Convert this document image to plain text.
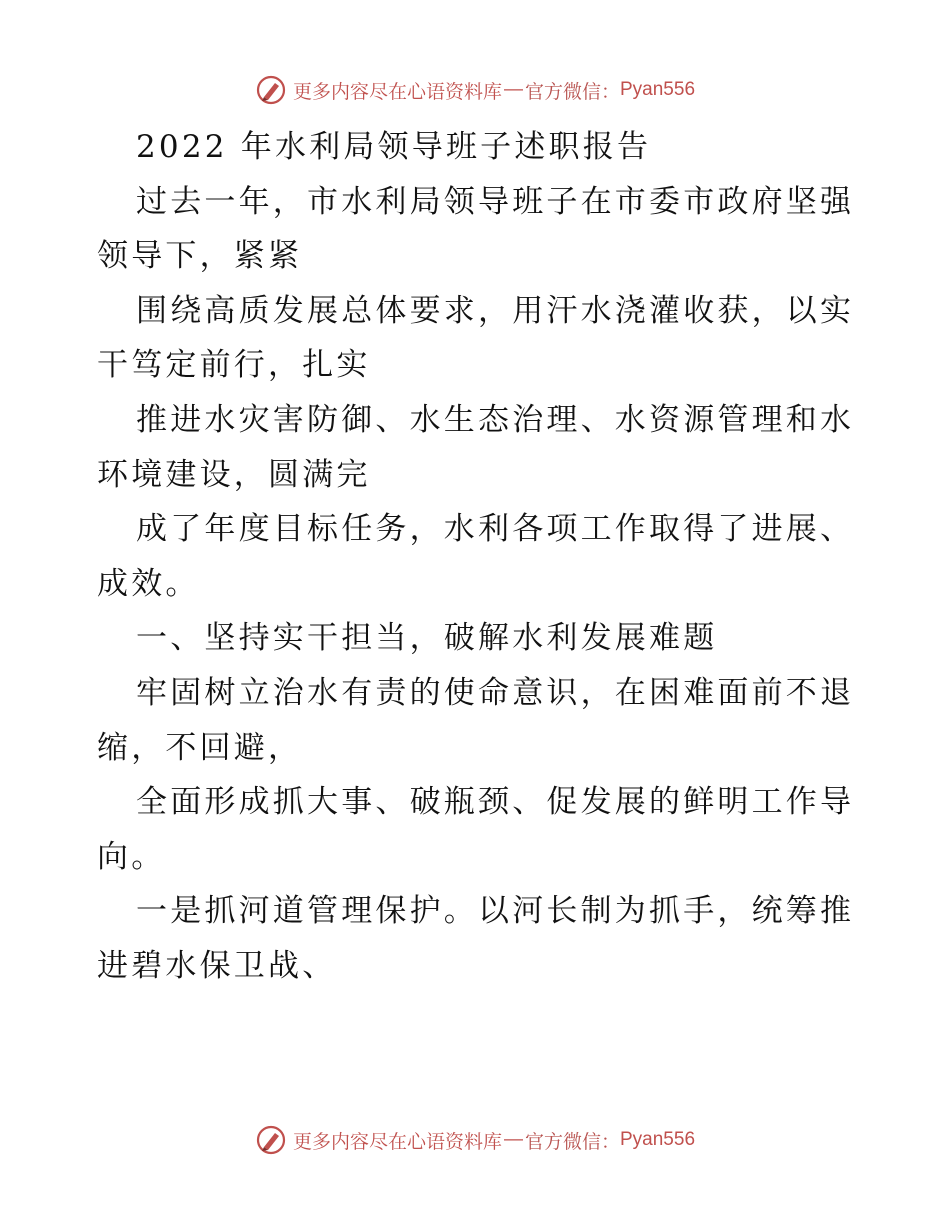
更多内容尽在心语资料库 — 官方微信： Pyan556
2022 年水利局领导班子述职报告
过去一年，市水利局领导班子在市委市政府坚强
领导下，紧紧
围绕高质发展总体要求，用汗水浇灌收获，以实
干笃定前行，扎实
推进水灾害防御、水生态治理、水资源管理和水
环境建设，圆满完
成了年度目标任务，水利各项工作取得了进展、
成效。
一、坚持实干担当，破解水利发展难题
牢固树立治水有责的使命意识，在困难面前不退
缩，不回避，
全面形成抓大事、破瓶颈、促发展的鲜明工作导
向。
一是抓河道管理保护。以河长制为抓手，统筹推
进碧水保卫战、
更多内容尽在心语资料库 — 官方微信： Pyan556
